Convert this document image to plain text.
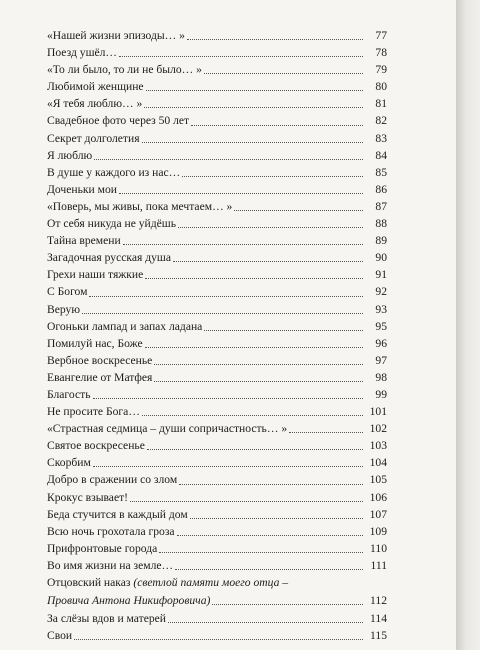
«Нашей жизни эпизоды… »	77
Поезд ушёл…	78
«То ли было, то ли не было… »	79
Любимой женщине	80
«Я тебя люблю… »	81
Свадебное фото через 50 лет	82
Секрет долголетия	83
Я люблю	84
В душе у каждого из нас…	85
Доченьки мои	86
«Поверь, мы живы, пока мечтаем… »	87
От себя никуда не уйдёшь	88
Тайна времени	89
Загадочная русская душа	90
Грехи наши тяжкие	91
С Богом	92
Верую	93
Огоньки лампад и запах ладана	95
Помилуй нас, Боже	96
Вербное воскресенье	97
Евангелие от Матфея	98
Благость	99
Не просите Бога…	101
«Страстная седмица – души сопричастность… »	102
Святое воскресенье	103
Скорбим	104
Добро в сражении со злом	105
Крокус взывает!	106
Беда стучится в каждый дом	107
Всю ночь грохотала гроза	109
Прифронтовые города	110
Во имя жизни на земле…	111
Отцовский наказ (светлой памяти моего отца –
Провича Антона Никифоровича)	112
За слёзы вдов и матерей	114
Свои	115
